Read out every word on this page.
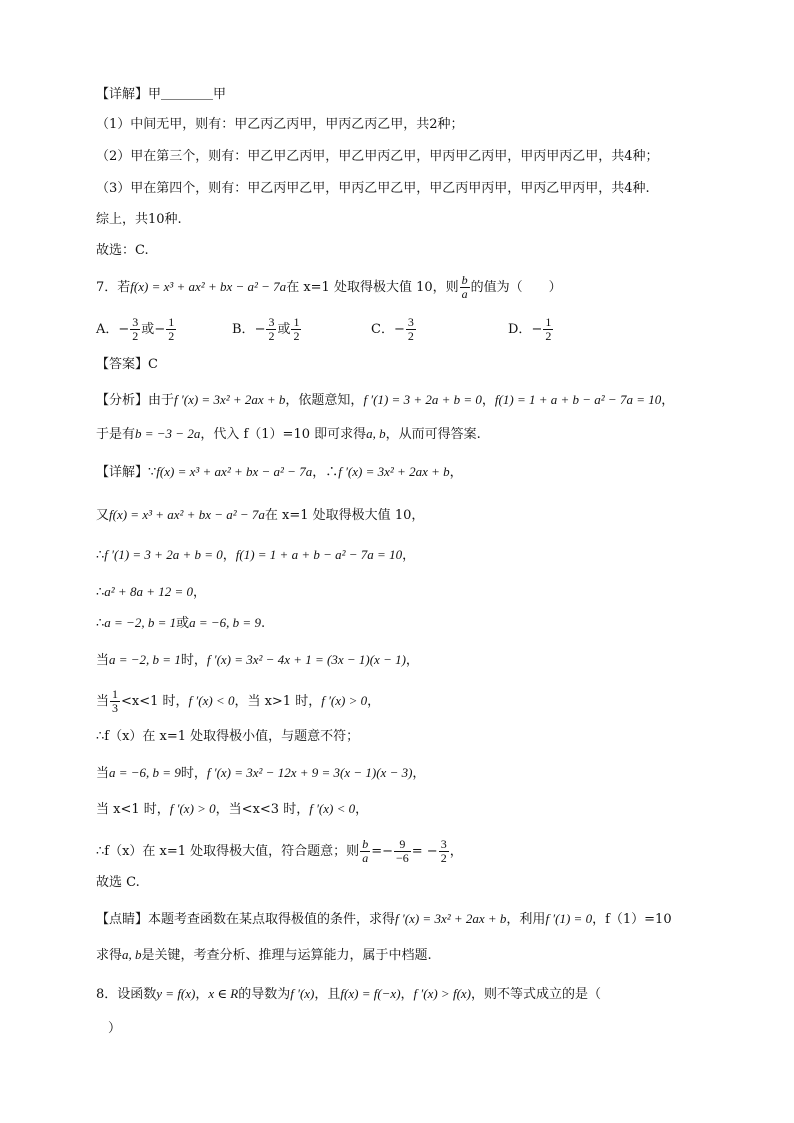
【详解】甲＿＿＿＿甲
（1）中间无甲，则有：甲乙丙乙丙甲，甲丙乙丙乙甲，共2种；
（2）甲在第三个，则有：甲乙甲乙丙甲，甲乙甲丙乙甲，甲丙甲乙丙甲，甲丙甲丙乙甲，共4种；
（3）甲在第四个，则有：甲乙丙甲乙甲，甲丙乙甲乙甲，甲乙丙甲丙甲，甲丙乙甲丙甲，共4种.
综上，共10种.
故选：C.
7．若f(x) = x³ + ax² + bx − a² − 7a在 x=1 处取得极大值 10，则 $\frac{b}{a}$ 的值为（　　）
A．− $\frac{3}{2}$ 或− $\frac{1}{2}$	B．− $\frac{3}{2}$ 或 $\frac{1}{2}$	C．− $\frac{3}{2}$	D．− $\frac{1}{2}$
【答案】C
【分析】由于f ′(x) = 3x² + 2ax + b，依题意知，f ′(1) = 3 + 2a + b = 0，f(1) = 1 + a + b − a² − 7a = 10，
于是有b = −3 − 2a，代入 f（1）=10 即可求得a, b，从而可得答案.
【详解】∵f(x) = x³ + ax² + bx − a² − 7a，∴f ′(x) = 3x² + 2ax + b，
又f(x) = x³ + ax² + bx − a² − 7a在 x=1 处取得极大值 10，
∴f ′(1) = 3 + 2a + b = 0，f(1) = 1 + a + b − a² − 7a = 10，
∴a² + 8a + 12 = 0，
∴a = −2, b = 1或a = −6, b = 9.
当a = −2, b = 1时，f ′(x) = 3x² − 4x + 1 = (3x − 1)(x − 1)，
当 $\frac{1}{3} <x<1$ 时，f ′(x) < 0，当 x>1 时，f ′(x) > 0，
∴f（x）在 x=1 处取得极小值，与题意不符；
当a = −6, b = 9时，f ′(x) = 3x² − 12x + 9 = 3(x − 1)(x − 3)，
当 x<1 时，f ′(x) > 0，当<x<3 时，f ′(x) < 0，
∴f（x）在 x=1 处取得极大值，符合题意；则 $\frac{b}{a} =- \frac{9}{-6}$ = − $\frac{3}{2}$ ，
故选 C.
【点睛】本题考查函数在某点取得极值的条件，求得f ′(x) = 3x² + 2ax + b，利用f ′(1) = 0，f（1）=10
求得a, b是关键，考查分析、推理与运算能力，属于中档题.
8．设函数y = f(x)，x ∈ R的导数为f ′(x)，且f(x) = f(−x)，f ′(x) > f(x)，则不等式成立的是（
）
